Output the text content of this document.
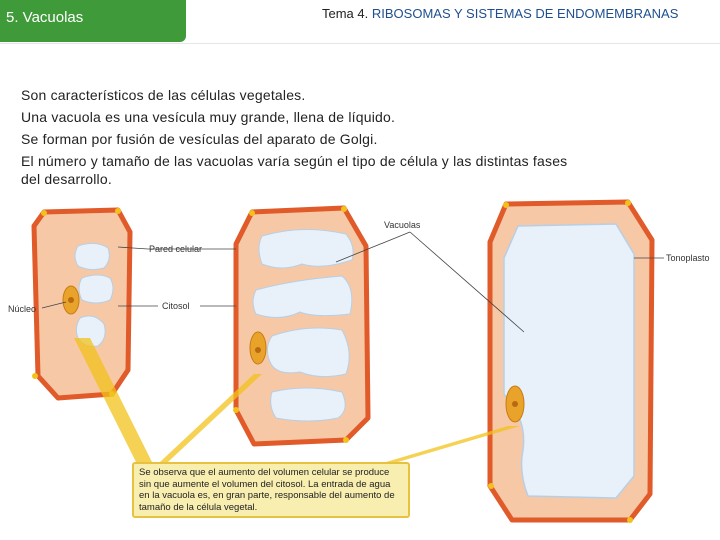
5. Vacuolas	Tema 4. RIBOSOMAS Y SISTEMAS DE ENDOMEMBRANAS

Son característicos de las células vegetales.

Una vacuola es una vesícula muy grande, llena de líquido.

Se forman por fusión de vesículas del aparato de Golgi.

El número y tamaño de las vacuolas varía según el tipo de célula y las distintas fases del desarrollo.

Pared celular
Citosol
Núcleo
Vacuolas
Tonoplasto
Se observa que el aumento del volumen celular se produce sin que aumente el volumen del citosol. La entrada de agua en la vacuola es, en gran parte, responsable del aumento de tamaño de la célula vegetal.
